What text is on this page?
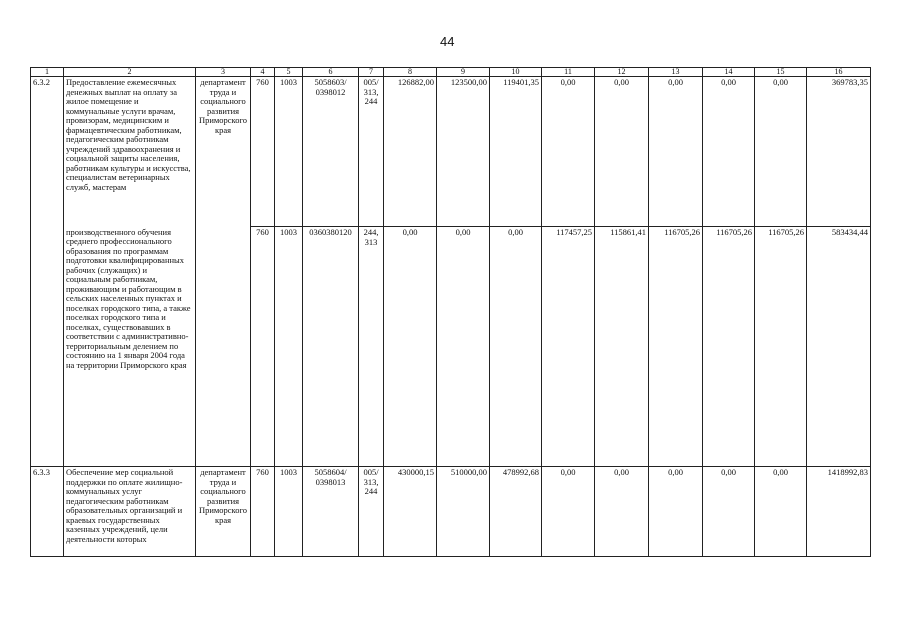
44
1	2	3	4	5	6	7	8	9	10	11	12	13	14	15	16
6.3.2	Предоставление ежемесячных денежных выплат на оплату за жилое помещение и коммунальные услуги врачам, провизорам, медицинским и фармацевтическим работникам, педагогическим работникам учреждений здравоохранения и социальной защиты населения, работникам культуры и искусства, специалистам ветеринарных служб, мастерам	департамент труда и социального развития Приморского края	760	1003	5058603/ 0398012	005/ 313, 244	126882,00	123500,00	119401,35	0,00	0,00	0,00	0,00	0,00	369783,35
	производственного обучения среднего профессионального образования по программам подготовки квалифицированных рабочих (служащих) и социальным работникам, проживающим и работающим в сельских населенных пунктах и поселках городского типа, а также поселках городского типа и поселках, существовавших в соответствии с административно-территориальным делением по состоянию на 1 января 2004 года на территории Приморского края		760	1003	0360380120	244, 313	0,00	0,00	0,00	117457,25	115861,41	116705,26	116705,26	116705,26	583434,44
6.3.3	Обеспечение мер социальной поддержки по оплате жилищно-коммунальных услуг педагогическим работникам образовательных организаций и краевых государственных казенных учреждений, цели деятельности которых	департамент труда и социального развития Приморского края	760	1003	5058604/ 0398013	005/ 313, 244	430000,15	510000,00	478992,68	0,00	0,00	0,00	0,00	0,00	1418992,83
